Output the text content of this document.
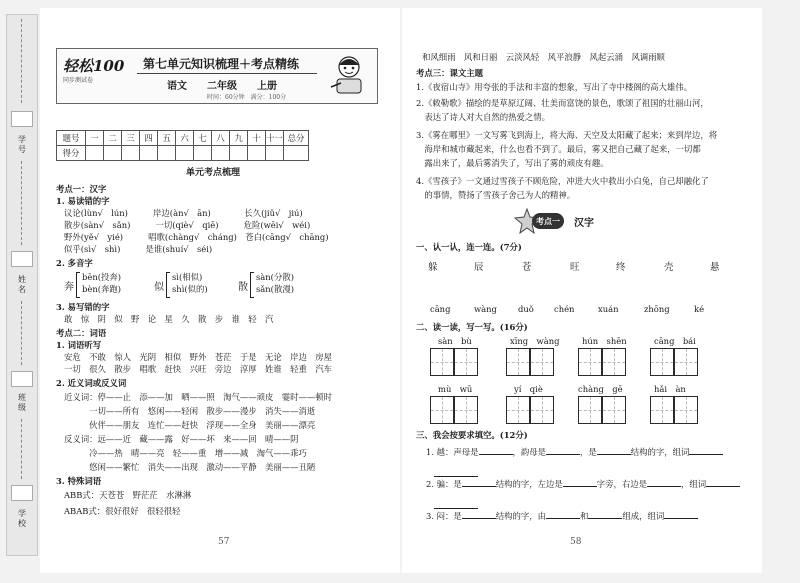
学号
姓名
班级
学校
轻松100
同步测试卷
第七单元知识梳理＋考点精练
语文 二年级 上册
时间：60分钟　满分：100分
题号	一	二	三	四	五	六	七	八	九	十	十一	总分
得分												
单元考点梳理
考点一：汉字
1. 易读错的字
议论(lùn√　lún)　　　岸边(àn√　ān)　　　　长久(jiǔ√　jiú)
散步(sàn√　sǎn)　　　一切(qiè√　qiē)　　　危险(wēi√　wéi)
野外(yě√　yié)　　　唱歌(chàng√　cháng)　苍白(cāng√　chāng)
似乎(sì√　shì)　　　是谁(shuí√　séi)
2. 多音字
奔
bēn(投奔)
bèn(奔跑)	似
sì(相似)
shì(似的)	散
sàn(分散)
sǎn(散漫)
3. 易写错的字
敢　惊　阴　似　野　论　星　久　散　步　谁　轻　汽
考点二：词语
1. 词语听写
安危　不敢　惊人　光阴　相似　野外　苍茫　于是　无论　岸边　房屋
一切　很久　散步　唱歌　赶快　兴旺　旁边　淳厚　姓谁　轻重　汽车
2. 近义词或反义词
近义词：停——止　添——加　晒——照　淘气——顽皮　霎时——顿时
　　　一切——所有　悠闲——轻闲　散步——漫步　消失——消逝
　　　伙伴——朋友　连忙——赶快　浮现——全身　美丽——漂亮
反义词：远——近　藏——露　好——坏　来——回　晴——阴
　　　冷——热　晴——亮　轻——重　增——减　淘气——乖巧
　　　悠闲——繁忙　消失——出现　激动——平静　美丽——丑陋
3. 特殊词语
ABB式：天苍苍　野茫茫　水淋淋
ABAB式：很好很好　很轻很轻
57
和风细雨　风和日丽　云淡风轻　风平浪静　风起云涌　风调雨顺
考点三：课文主题
1.《夜宿山寺》用夸张的手法和丰富的想象，写出了寺中楼阁的高大雄伟。
2.《敕勒歌》描绘的是草原辽阔、壮美而富饶的景色，歌颂了祖国的壮丽山河，
　表达了诗人对大自然的热爱之情。
3.《雾在哪里》一文写雾飞到海上，将大海、天空及太阳藏了起来；来到岸边，将
　海岸和城市藏起来，什么也看不到了。最后，雾又把自己藏了起来，一切都
　露出来了，最后雾消失了，写出了雾的顽皮有趣。
4.《雪孩子》一文通过雪孩子不顾危险，冲进大火中救出小白兔，自己却融化了
　的事情，赞扬了雪孩子舍己为人的精神。
考点一	汉字
一、认一认，连一连。(7分)
躲	辰	苍	旺	终	壳	悬
cāng	wàng	duǒ chén	xuán	zhōng	ké
二、读一读，写一写。(16分)
sàn　bù	xīng　wàng	hún　shēn	cāng　bái
mù　wū	yí　qiè	chàng　gē	hǎi　àn
三、我会按要求填空。(12分)
1. 越：声母是	，韵母是	，是	结构的字，组词
2. 骗：是	结构的字，左边是	字旁，右边是	，组词
3. 闷：是	结构的字，由	和	组成，组词
58
